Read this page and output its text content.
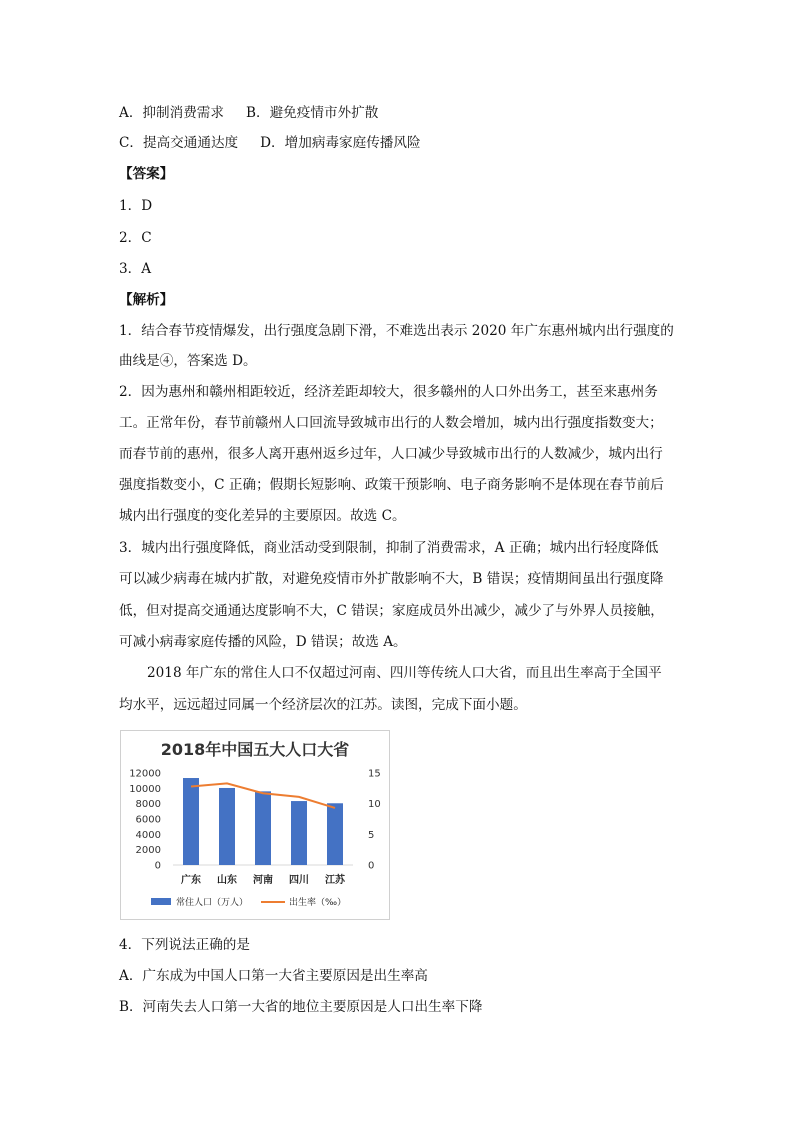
A．抑制消费需求 B．避免疫情市外扩散
C．提高交通通达度 D．增加病毒家庭传播风险
【答案】
1．D
2．C
3．A
【解析】
1．结合春节疫情爆发，出行强度急剧下滑，不难选出表示 2020 年广东惠州城内出行强度的
曲线是④，答案选 D。
2．因为惠州和赣州相距较近，经济差距却较大，很多赣州的人口外出务工，甚至来惠州务
工。正常年份，春节前赣州人口回流导致城市出行的人数会增加，城内出行强度指数变大；
而春节前的惠州，很多人离开惠州返乡过年，人口减少导致城市出行的人数减少，城内出行
强度指数变小，C 正确；假期长短影响、政策干预影响、电子商务影响不是体现在春节前后
城内出行强度的变化差异的主要原因。故选 C。
3．城内出行强度降低，商业活动受到限制，抑制了消费需求，A 正确；城内出行轻度降低
可以减少病毒在城内扩散，对避免疫情市外扩散影响不大，B 错误；疫情期间虽出行强度降
低，但对提高交通通达度影响不大，C 错误；家庭成员外出减少，减少了与外界人员接触，
可减小病毒家庭传播的风险，D 错误；故选 A。
2018 年广东的常住人口不仅超过河南、四川等传统人口大省，而且出生率高于全国平
均水平，远远超过同属一个经济层次的江苏。读图，完成下面小题。
2018年中国五大人口大省
0
2000
4000
6000
8000
10000
12000
0
5
10
15
广东 山东 河南 四川 江苏
常住人口（万人）	出生率（‰）
4．下列说法正确的是
A．广东成为中国人口第一大省主要原因是出生率高
B．河南失去人口第一大省的地位主要原因是人口出生率下降
